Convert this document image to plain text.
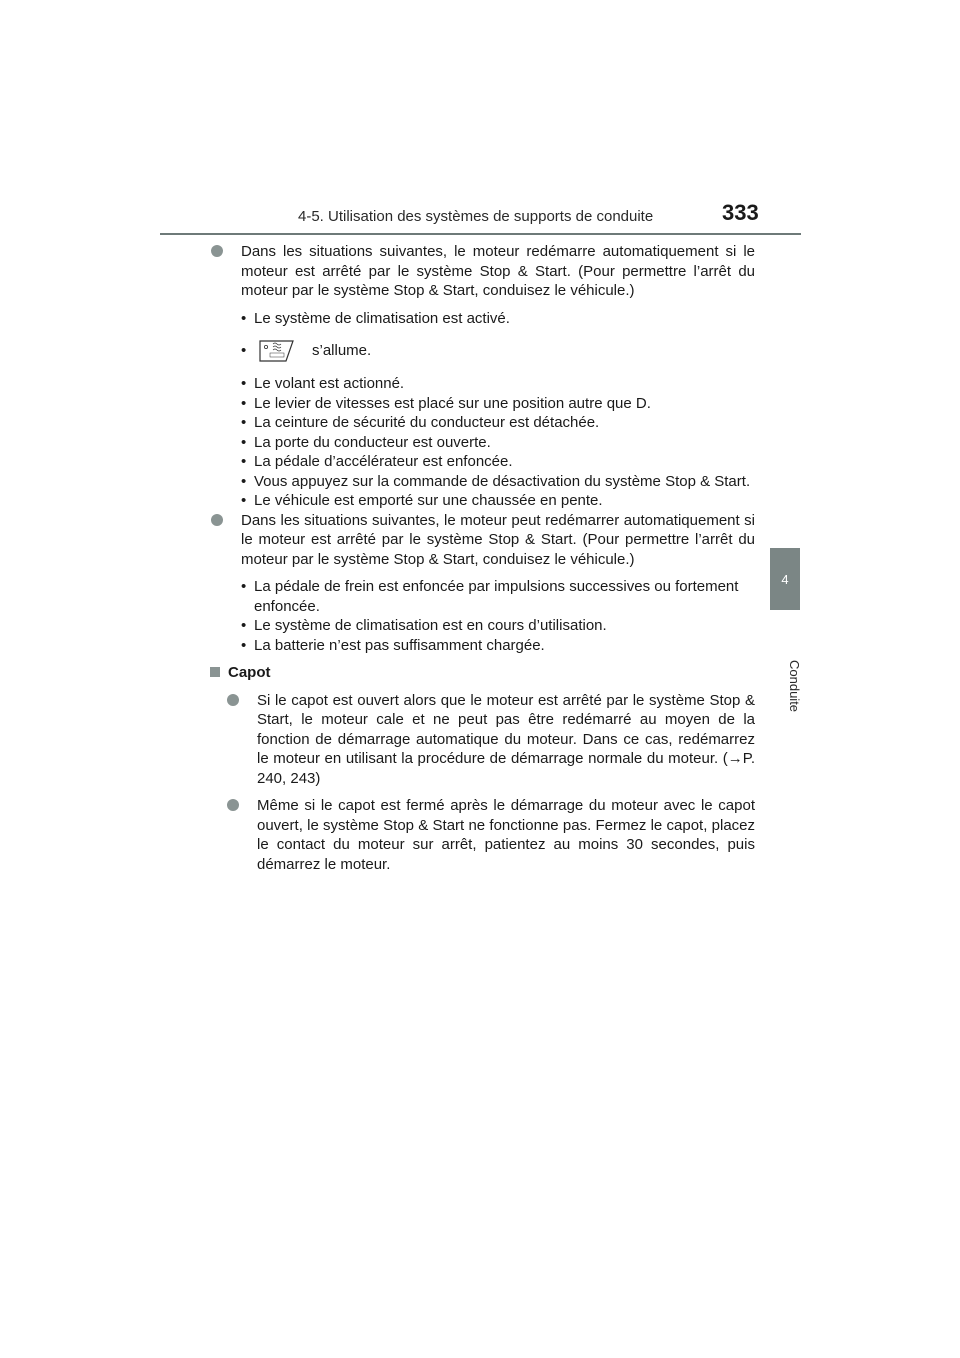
4-5. Utilisation des systèmes de supports de conduite	333
4
Conduite
Dans les situations suivantes, le moteur redémarre automatiquement si le moteur est arrêté par le système Stop & Start. (Pour permettre l’arrêt du moteur par le système Stop & Start, conduisez le véhicule.)
• Le système de climatisation est activé.
•	s’allume.
• Le volant est actionné.
• Le levier de vitesses est placé sur une position autre que D.
• La ceinture de sécurité du conducteur est détachée.
• La porte du conducteur est ouverte.
• La pédale d’accélérateur est enfoncée.
• Vous appuyez sur la commande de désactivation du système Stop & Start.
• Le véhicule est emporté sur une chaussée en pente.
Dans les situations suivantes, le moteur peut redémarrer automatiquement si le moteur est arrêté par le système Stop & Start. (Pour permettre l’arrêt du moteur par le système Stop & Start, conduisez le véhicule.)
• La pédale de frein est enfoncée par impulsions successives ou fortement enfoncée.
• Le système de climatisation est en cours d’utilisation.
• La batterie n’est pas suffisamment chargée.
Capot
Si le capot est ouvert alors que le moteur est arrêté par le système Stop & Start, le moteur cale et ne peut pas être redémarré au moyen de la fonction de démarrage automatique du moteur. Dans ce cas, redémarrez le moteur en utilisant la procédure de démarrage normale du moteur. (→P. 240, 243)
Même si le capot est fermé après le démarrage du moteur avec le capot ouvert, le système Stop & Start ne fonctionne pas. Fermez le capot, placez le contact du moteur sur arrêt, patientez au moins 30 secondes, puis démarrez le moteur.
